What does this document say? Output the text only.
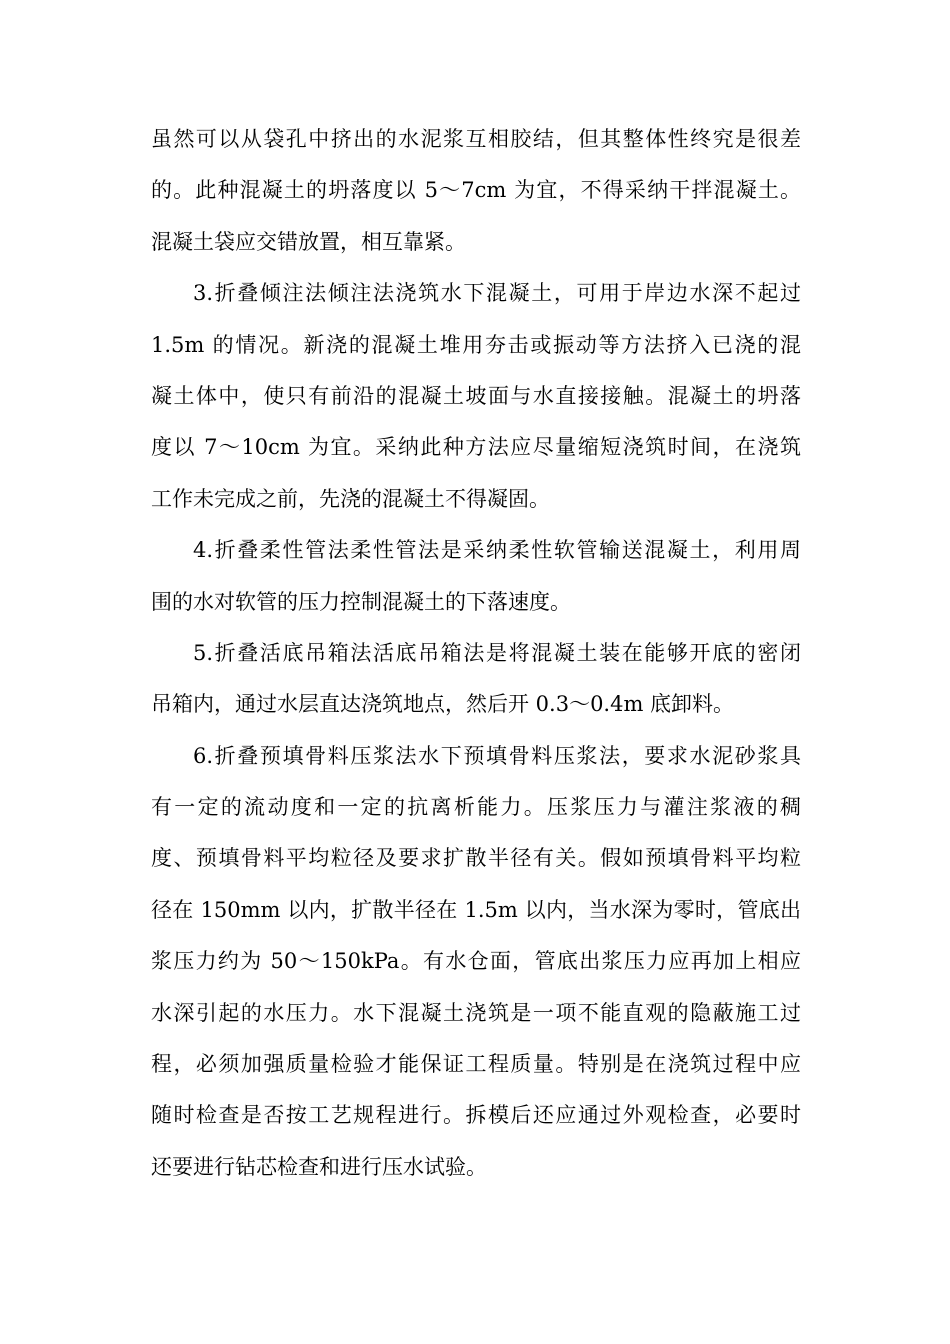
虽然可以从袋孔中挤出的水泥浆互相胶结，但其整体性终究是很差
的。此种混凝土的坍落度以 5～7cm 为宜，不得采纳干拌混凝土。
混凝土袋应交错放置，相互靠紧。
3.折叠倾注法倾注法浇筑水下混凝土，可用于岸边水深不起过
1.5m 的情况。新浇的混凝土堆用夯击或振动等方法挤入已浇的混
凝土体中，使只有前沿的混凝土坡面与水直接接触。混凝土的坍落
度以 7～10cm 为宜。采纳此种方法应尽量缩短浇筑时间，在浇筑
工作未完成之前，先浇的混凝土不得凝固。
4.折叠柔性管法柔性管法是采纳柔性软管输送混凝土，利用周
围的水对软管的压力控制混凝土的下落速度。
5.折叠活底吊箱法活底吊箱法是将混凝土装在能够开底的密闭
吊箱内，通过水层直达浇筑地点，然后开 0.3～0.4m 底卸料。
6.折叠预填骨料压浆法水下预填骨料压浆法，要求水泥砂浆具
有一定的流动度和一定的抗离析能力。压浆压力与灌注浆液的稠
度、预填骨料平均粒径及要求扩散半径有关。假如预填骨料平均粒
径在 150mm 以内，扩散半径在 1.5m 以内，当水深为零时，管底出
浆压力约为 50～150kPa。有水仓面，管底出浆压力应再加上相应
水深引起的水压力。水下混凝土浇筑是一项不能直观的隐蔽施工过
程，必须加强质量检验才能保证工程质量。特别是在浇筑过程中应
随时检查是否按工艺规程进行。拆模后还应通过外观检查，必要时
还要进行钻芯检查和进行压水试验。
